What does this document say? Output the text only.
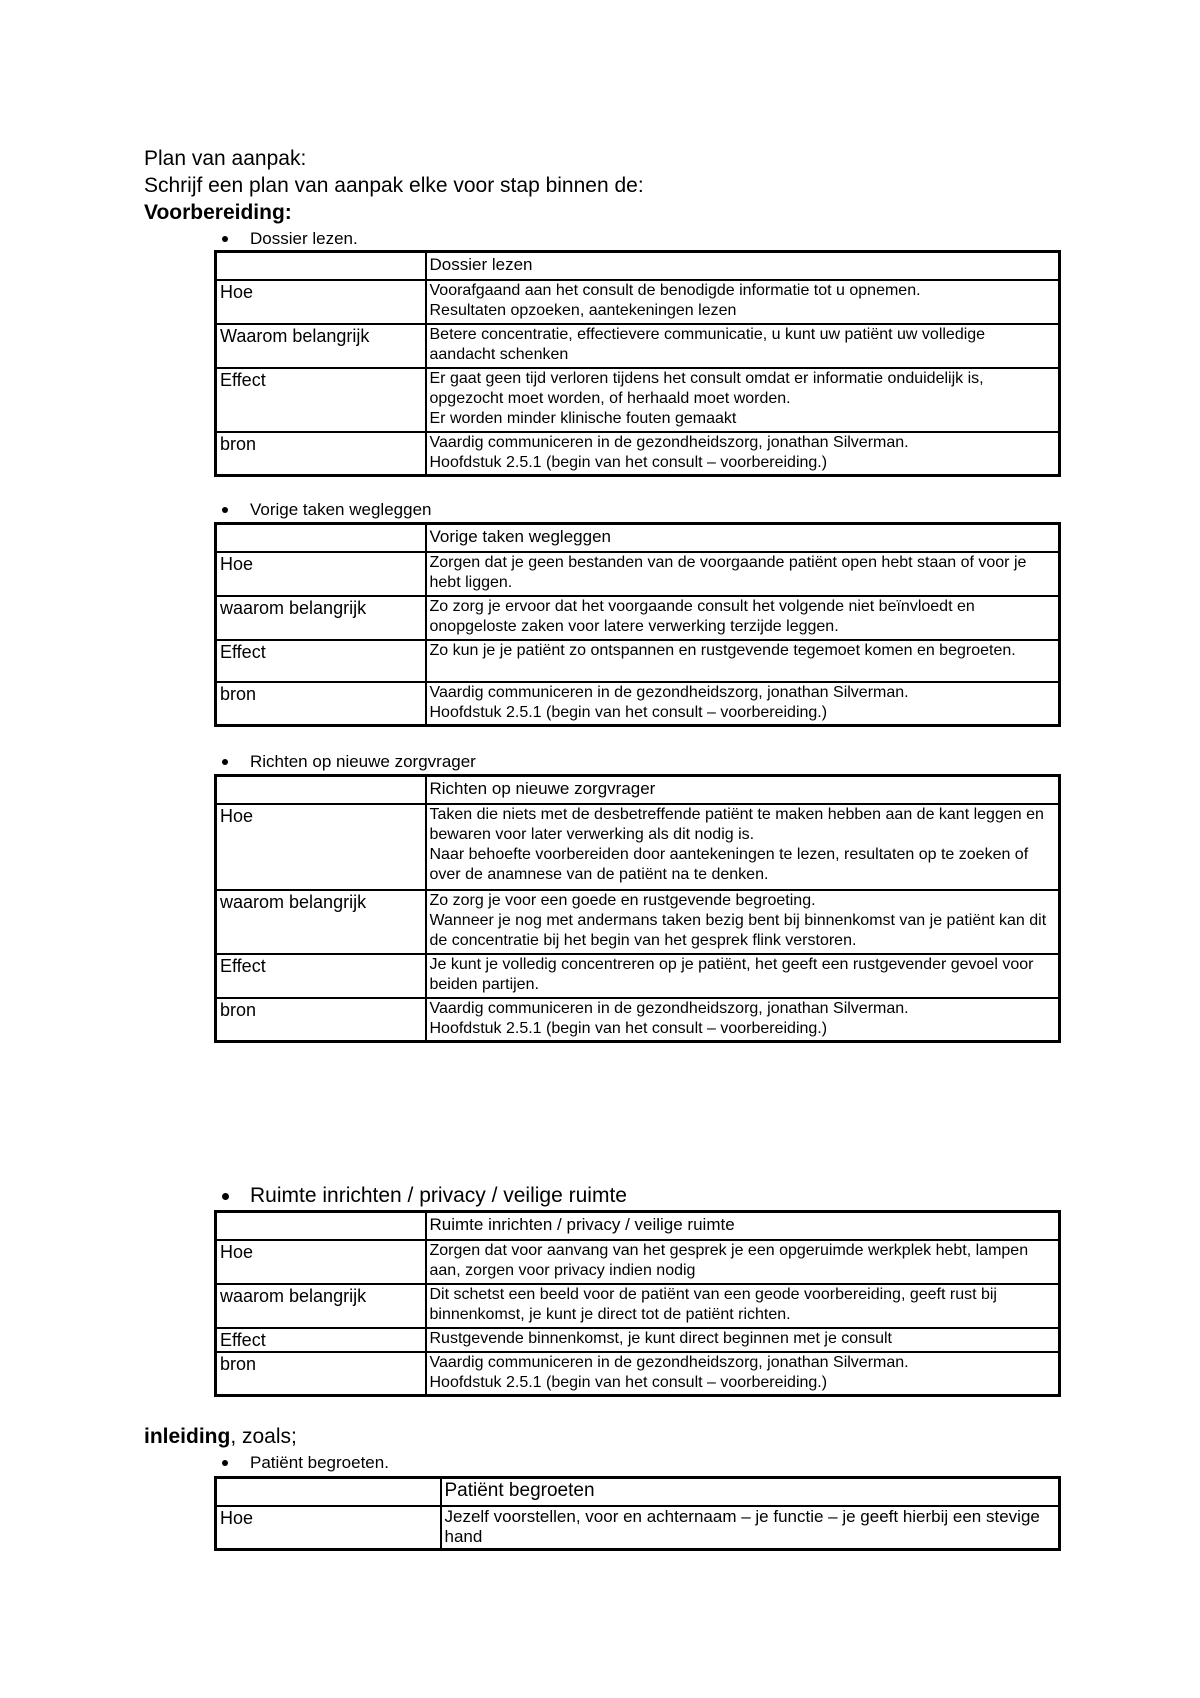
Plan van aanpak:

Schrijf een plan van aanpak elke voor stap binnen de:

Voorbereiding:

Dossier lezen.

	Dossier lezen
Hoe	Voorafgaand aan het consult de benodigde informatie tot u opnemen.
Resultaten opzoeken, aantekeningen lezen

Waarom belangrijk	Betere concentratie, effectievere communicatie, u kunt uw patiënt uw volledige aandacht schenken

Effect	Er gaat geen tijd verloren tijdens het consult omdat er informatie onduidelijk is, opgezocht moet worden, of herhaald moet worden.
Er worden minder klinische fouten gemaakt

bron	Vaardig communiceren in de gezondheidszorg, jonathan Silverman.
Hoofdstuk 2.5.1 (begin van het consult – voorbereiding.)

Vorige taken wegleggen

	Vorige taken wegleggen
Hoe	Zorgen dat je geen bestanden van de voorgaande patiënt open hebt staan of voor je hebt liggen.

waarom belangrijk	Zo zorg je ervoor dat het voorgaande consult het volgende niet beïnvloedt en onopgeloste zaken voor latere verwerking terzijde leggen.

Effect	Zo kun je je patiënt zo ontspannen en rustgevende tegemoet komen en begroeten.

bron	Vaardig communiceren in de gezondheidszorg, jonathan Silverman.
Hoofdstuk 2.5.1 (begin van het consult – voorbereiding.)

Richten op nieuwe zorgvrager

	Richten op nieuwe zorgvrager
Hoe	Taken die niets met de desbetreffende patiënt te maken hebben aan de kant leggen en bewaren voor later verwerking als dit nodig is.
Naar behoefte voorbereiden door aantekeningen te lezen, resultaten op te zoeken of over de anamnese van de patiënt na te denken.

waarom belangrijk	Zo zorg je voor een goede en rustgevende begroeting.
Wanneer je nog met andermans taken bezig bent bij binnenkomst van je patiënt kan dit de concentratie bij het begin van het gesprek flink verstoren.

Effect	Je kunt je volledig concentreren op je patiënt, het geeft een rustgevender gevoel voor beiden partijen.

bron	Vaardig communiceren in de gezondheidszorg, jonathan Silverman.
Hoofdstuk 2.5.1 (begin van het consult – voorbereiding.)

Ruimte inrichten / privacy / veilige ruimte

	Ruimte inrichten / privacy / veilige ruimte
Hoe	Zorgen dat voor aanvang van het gesprek je een opgeruimde werkplek hebt, lampen aan, zorgen voor privacy indien nodig

waarom belangrijk	Dit schetst een beeld voor de patiënt van een geode voorbereiding, geeft rust bij binnenkomst, je kunt je direct tot de patiënt richten.

Effect	Rustgevende binnenkomst, je kunt direct beginnen met je consult

bron	Vaardig communiceren in de gezondheidszorg, jonathan Silverman.
Hoofdstuk 2.5.1 (begin van het consult – voorbereiding.)

inleiding, zoals;

Patiënt begroeten.

	Patiënt begroeten
Hoe	Jezelf voorstellen, voor en achternaam – je functie – je geeft hierbij een stevige hand
